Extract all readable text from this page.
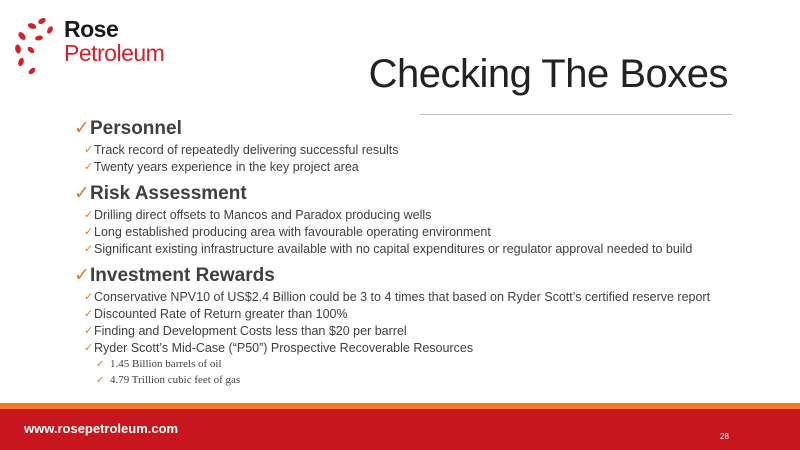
Rose
Petroleum	Checking The Boxes
✓ Personnel
✓ Track record of repeatedly delivering successful results
✓ Twenty years experience in the key project area
✓ Risk Assessment
✓ Drilling direct offsets to Mancos and Paradox producing wells
✓ Long established producing area with favourable operating environment
✓ Significant existing infrastructure available with no capital expenditures or regulator approval needed to build
✓ Investment Rewards
✓ Conservative NPV10 of US$2.4 Billion could be 3 to 4 times that based on Ryder Scott’s certified reserve report
✓ Discounted Rate of Return greater than 100%
✓ Finding and Development Costs less than $20 per barrel
✓ Ryder Scott’s Mid-Case (“P50”) Prospective Recoverable Resources
✓ 1.45 Billion barrels of oil
✓ 4.79 Trillion cubic feet of gas
www.rosepetroleum.com
28
